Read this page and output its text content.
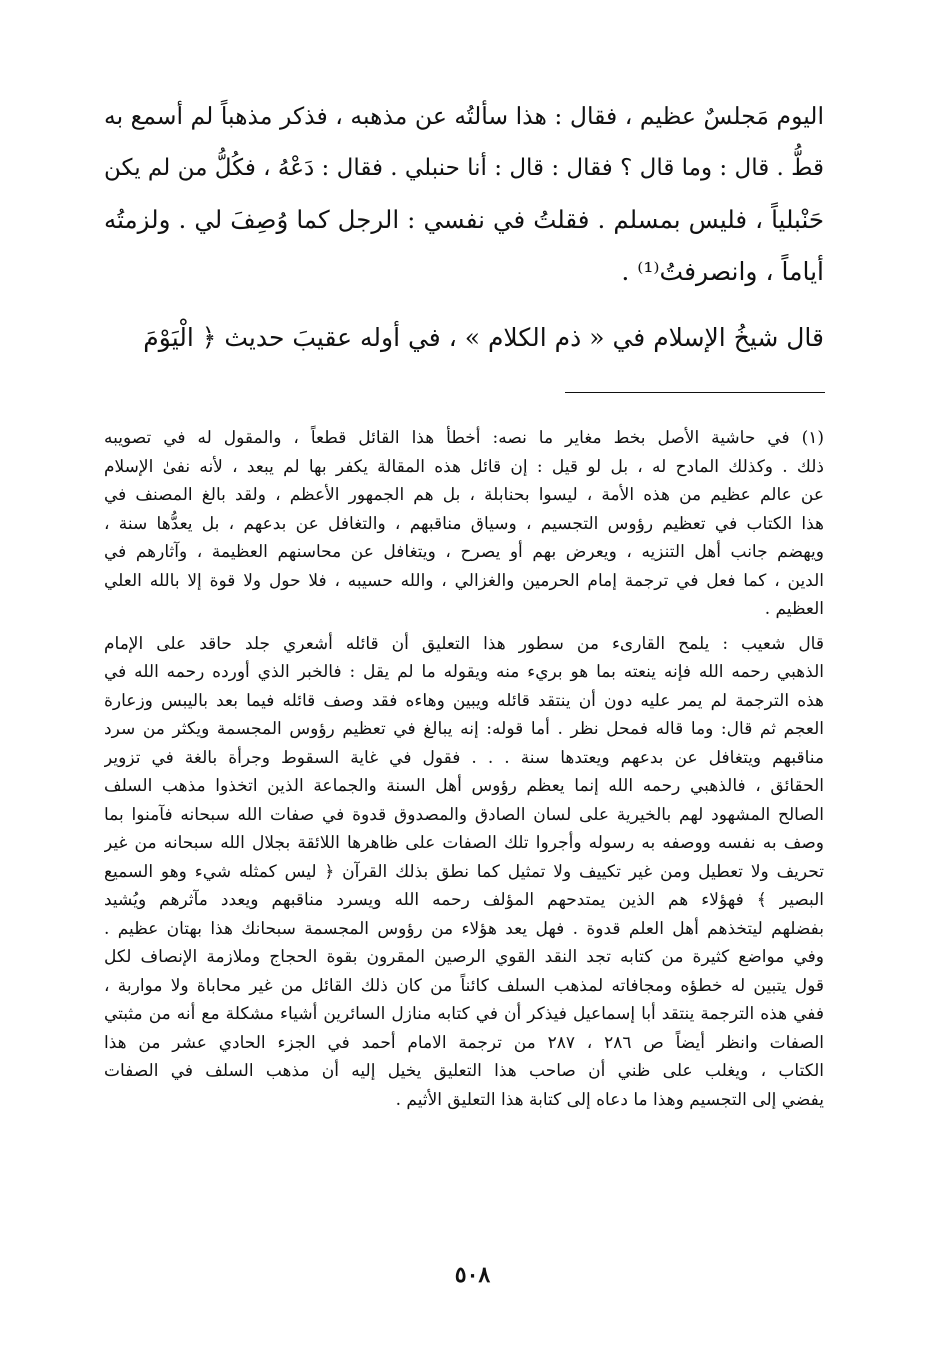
اليوم مَجلسٌ عظيم ، فقال : هذا سألتُه عن مذهبه ، فذكر مذهباً لم أسمع به
قطُّ . قال : وما قال ؟ فقال : قال : أنا حنبلي . فقال : دَعْهُ ، فكُلُّ من لم يكن
حَنْبلياً ، فليس بمسلم . فقلتُ في نفسي : الرجل كما وُصِفَ لي . ولزمتُه
أياماً ، وانصرفتُ⁽¹⁾ .
قال شيخُ الإسلام في « ذم الكلام » ، في أوله عقيبَ حديث ﴿ الْيَوْمَ
(١) في حاشية الأصل بخط مغاير ما نصه: أخطأ هذا القائل قطعاً ، والمقول له في تصويبه
ذلك . وكذلك المادح له ، بل لو قيل : إن قائل هذه المقالة يكفر بها لم يبعد ، لأنه نفىٰ الإسلام
عن عالم عظيم من هذه الأمة ، ليسوا بحنابلة ، بل هم الجمهور الأعظم ، ولقد بالغ المصنف في
هذا الكتاب في تعظيم رؤوس التجسيم ، وسياق مناقبهم ، والتغافل عن بدعهم ، بل يعدُّها سنة ،
ويهضم جانب أهل التنزيه ، ويعرض بهم أو يصرح ، ويتغافل عن محاسنهم العظيمة ، وآثارهم في
الدين ، كما فعل في ترجمة إمام الحرمين والغزالي ، والله حسيبه ، فلا حول ولا قوة إلا بالله العلي
العظيم .
قال شعيب : يلمح القارىء من سطور هذا التعليق أن قائله أشعري جلد حاقد على الإمام
الذهبي رحمه الله فإنه ينعته بما هو بريء منه ويقوله ما لم يقل : فالخبر الذي أورده رحمه الله في
هذه الترجمة لم يمر عليه دون أن ينتقد قائله ويبين وهاءه فقد وصف قائله فيما بعد باليبس وزعارة
العجم ثم قال: وما قاله فمحل نظر . أما قوله: إنه يبالغ في تعظيم رؤوس المجسمة ويكثر من سرد
مناقبهم ويتغافل عن بدعهم ويعتدها سنة . . . فقول في غاية السقوط وجرأة بالغة في تزوير
الحقائق ، فالذهبي رحمه الله إنما يعظم رؤوس أهل السنة والجماعة الذين اتخذوا مذهب السلف
الصالح المشهود لهم بالخيرية على لسان الصادق والمصدوق قدوة في صفات الله سبحانه فآمنوا بما
وصف به نفسه ووصفه به رسوله وأجروا تلك الصفات على ظاهرها اللائقة بجلال الله سبحانه من غير
تحريف ولا تعطيل ومن غير تكييف ولا تمثيل كما نطق بذلك القرآن ﴿ ليس كمثله شيء وهو السميع
البصير ﴾ فهؤلاء هم الذين يمتدحهم المؤلف رحمه الله ويسرد مناقبهم ويعدد مآثرهم ويُشيد
بفضلهم ليتخذهم أهل العلم قدوة . فهل يعد هؤلاء من رؤوس المجسمة سبحانك هذا بهتان عظيم .
وفي مواضع كثيرة من كتابه تجد النقد القوي الرصين المقرون بقوة الحجاج وملازمة الإنصاف لكل
قول يتبين له خطؤه ومجافاته لمذهب السلف كائناً من كان ذلك القائل من غير محاباة ولا مواربة ،
ففي هذه الترجمة ينتقد أبا إسماعيل فيذكر أن في كتابه منازل السائرين أشياء مشكلة مع أنه من مثبتي
الصفات وانظر أيضاً ص ٢٨٦ ، ٢٨٧ من ترجمة الامام أحمد في الجزء الحادي عشر من هذا
الكتاب ، ويغلب على ظني أن صاحب هذا التعليق يخيل إليه أن مذهب السلف في الصفات
يفضي إلى التجسيم وهذا ما دعاه إلى كتابة هذا التعليق الأثيم .
٥٠٨
